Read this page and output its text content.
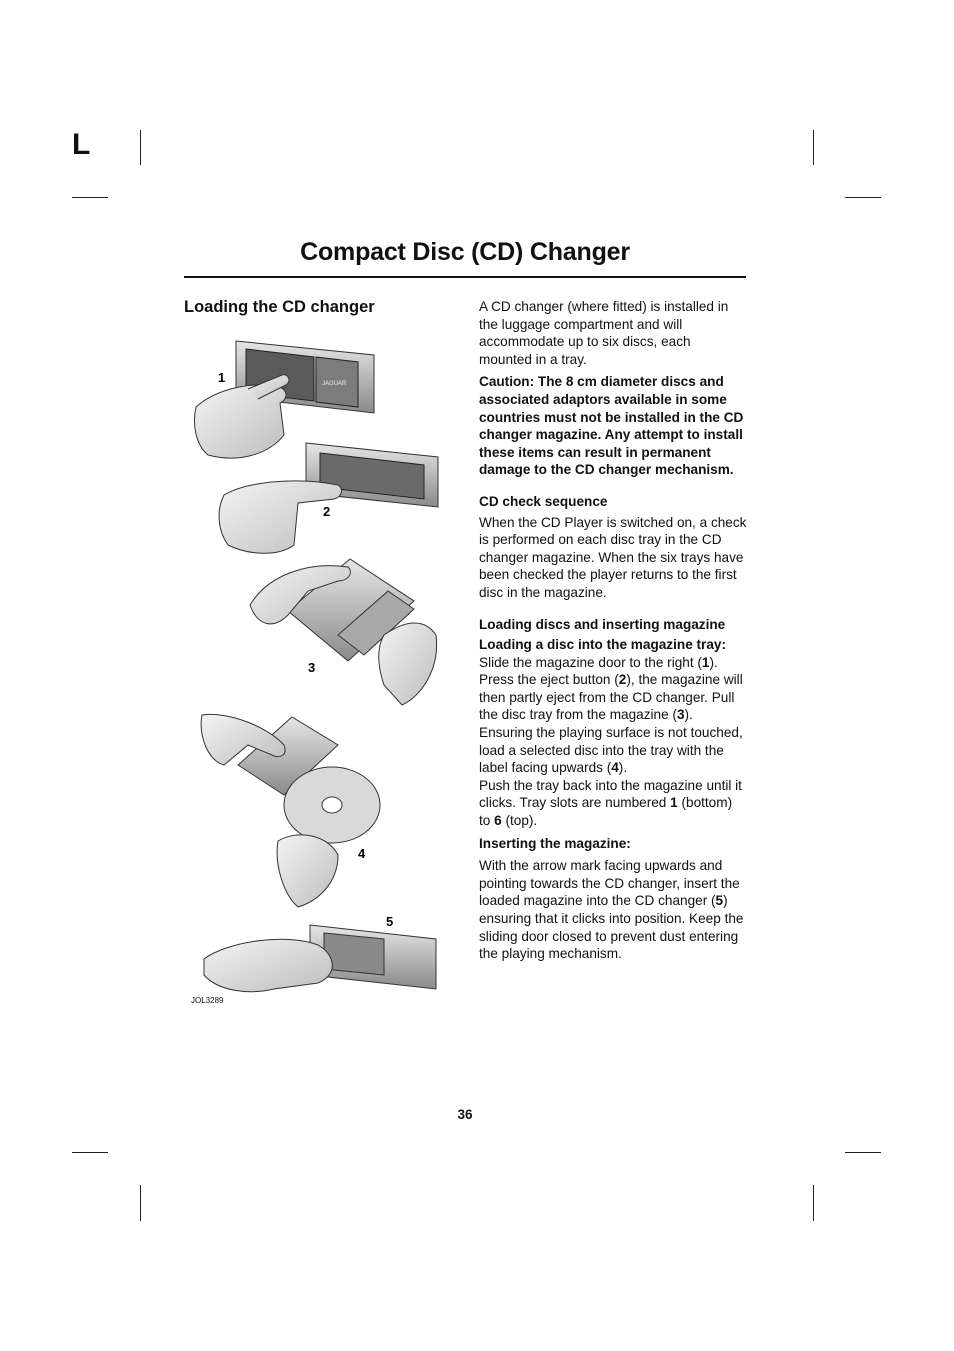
L
Compact Disc (CD) Changer
Loading the CD changer
JAGUAR
1
2
3
4
5
JOL3289

A CD changer (where fitted) is installed in the luggage compartment and will accommodate up to six discs, each mounted in a tray.

Caution: The 8 cm diameter discs and associated adaptors available in some countries must not be installed in the CD changer magazine. Any attempt to install these items can result in permanent damage to the CD changer mechanism.

CD check sequence

When the CD Player is switched on, a check is performed on each disc tray in the CD changer magazine. When the six trays have been checked the player returns to the first disc in the magazine.

Loading discs and inserting magazine
Loading a disc into the magazine tray:
Slide the magazine door to the right (1). Press the eject button (2), the magazine will then partly eject from the CD changer. Pull the disc tray from the magazine (3). Ensuring the playing surface is not touched, load a selected disc into the tray with the label facing upwards (4).

Push the tray back into the magazine until it clicks. Tray slots are numbered 1 (bottom) to 6 (top).

Inserting the magazine:

With the arrow mark facing upwards and pointing towards the CD changer, insert the loaded magazine into the CD changer (5) ensuring that it clicks into position. Keep the sliding door closed to prevent dust entering the playing mechanism.

36
